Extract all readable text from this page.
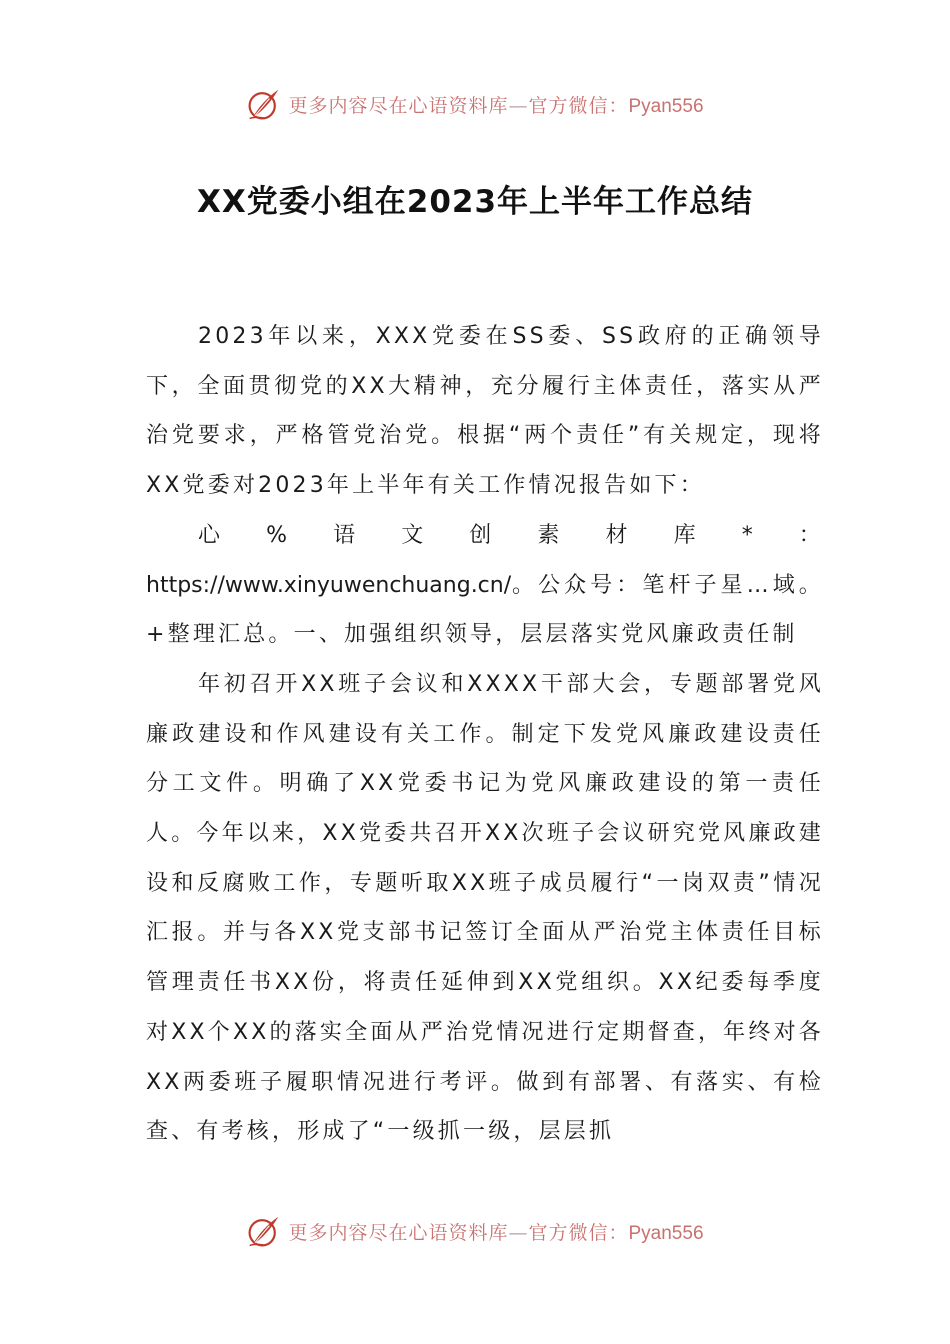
更多内容尽在心语资料库—官方微信：Pyan556
XX党委小组在2023年上半年工作总结

2023年以来，XXX党委在SS委、SS政府的正确领导下，全面贯彻党的XX大精神，充分履行主体责任，落实从严治党要求，严格管党治党。根据“两个责任”有关规定，现将XX党委对2023年上半年有关工作情况报告如下：

心%语文创素材库*：https://www.xinyuwenchuang.cn/。公众号：笔杆子星…域。+整理汇总。一、加强组织领导，层层落实党风廉政责任制

年初召开XX班子会议和XXXX干部大会，专题部署党风廉政建设和作风建设有关工作。制定下发党风廉政建设责任分工文件。明确了XX党委书记为党风廉政建设的第一责任人。今年以来，XX党委共召开XX次班子会议研究党风廉政建设和反腐败工作，专题听取XX班子成员履行“一岗双责”情况汇报。并与各XX党支部书记签订全面从严治党主体责任目标管理责任书XX份，将责任延伸到XX党组织。XX纪委每季度对XX个XX的落实全面从严治党情况进行定期督查，年终对各XX两委班子履职情况进行考评。做到有部署、有落实、有检查、有考核，形成了“一级抓一级，层层抓

更多内容尽在心语资料库—官方微信：Pyan556
